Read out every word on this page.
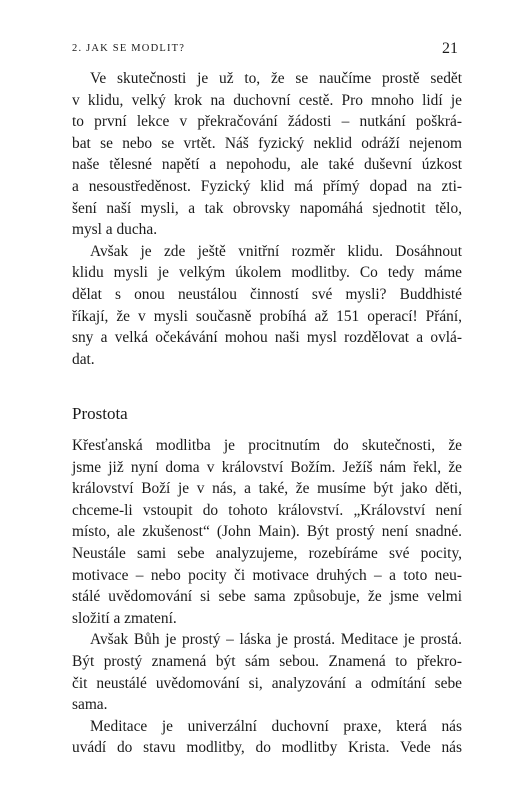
2. JAK SE MODLIT?	21
Ve skutečnosti je už to, že se naučíme prostě sedět
v klidu, velký krok na duchovní cestě. Pro mnoho lidí je
to první lekce v překračování žádosti – nutkání poškrá-
bat se nebo se vrtět. Náš fyzický neklid odráží nejenom
naše tělesné napětí a nepohodu, ale také duševní úzkost
a nesoustředěnost. Fyzický klid má přímý dopad na zti-
šení naší mysli, a tak obrovsky napomáhá sjednotit tělo,
mysl a ducha.
Avšak je zde ještě vnitřní rozměr klidu. Dosáhnout
klidu mysli je velkým úkolem modlitby. Co tedy máme
dělat s onou neustálou činností své mysli? Buddhisté
říkají, že v mysli současně probíhá až 151 operací! Přání,
sny a velká očekávání mohou naši mysl rozdělovat a ovlá-
dat.
Prostota
Křesťanská modlitba je procitnutím do skutečnosti, že
jsme již nyní doma v království Božím. Ježíš nám řekl, že
království Boží je v nás, a také, že musíme být jako děti,
chceme-li vstoupit do tohoto království. „Království není
místo, ale zkušenost“ (John Main). Být prostý není snadné.
Neustále sami sebe analyzujeme, rozebíráme své pocity,
motivace – nebo pocity či motivace druhých – a toto neu-
stálé uvědomování si sebe sama způsobuje, že jsme velmi
složití a zmatení.
Avšak Bůh je prostý – láska je prostá. Meditace je prostá.
Být prostý znamená být sám sebou. Znamená to překro-
čit neustálé uvědomování si, analyzování a odmítání sebe
sama.
Meditace je univerzální duchovní praxe, která nás
uvádí do stavu modlitby, do modlitby Krista. Vede nás
